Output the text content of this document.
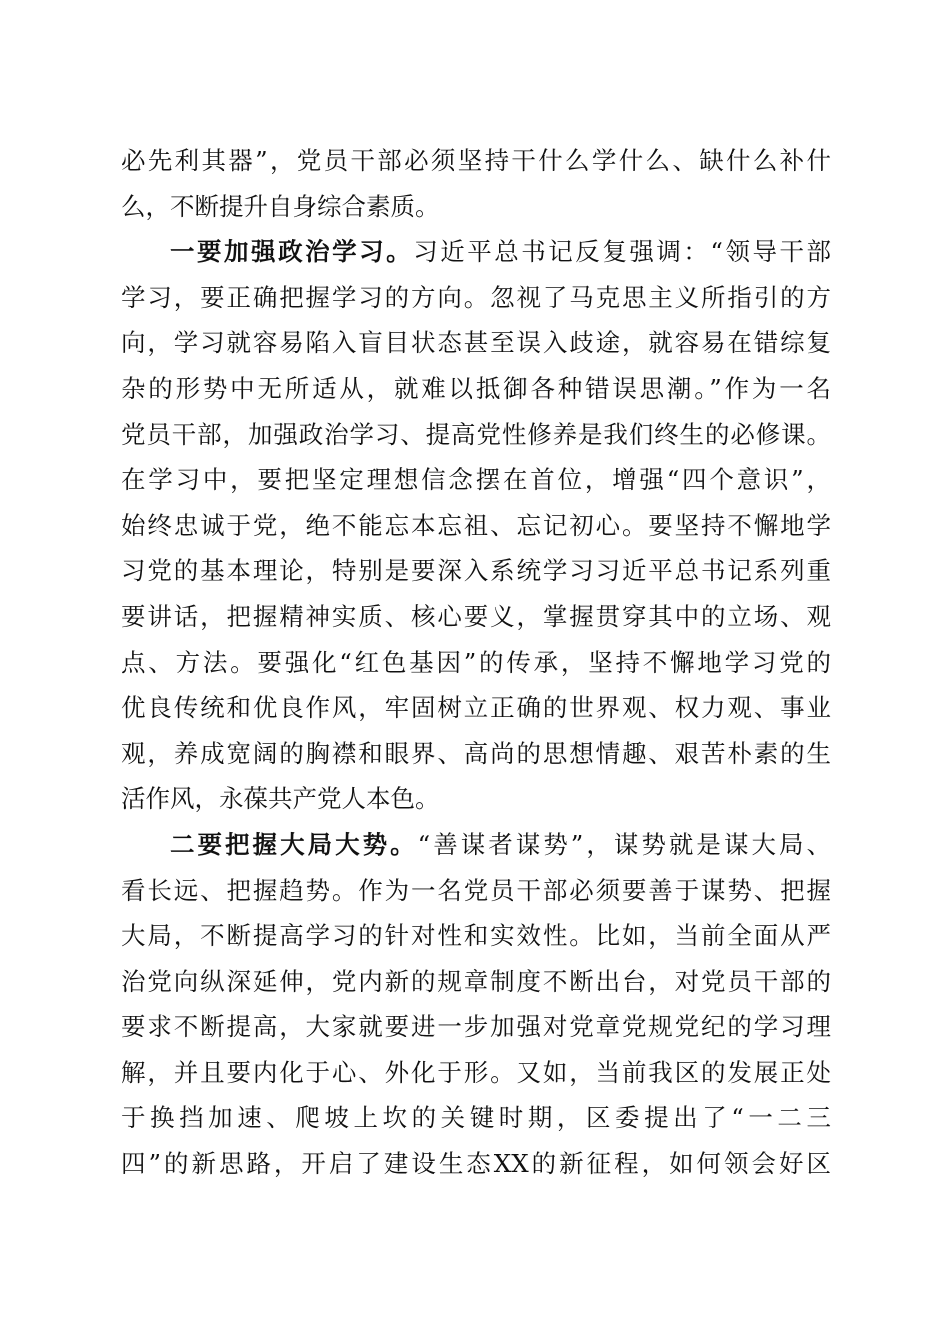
必先利其器”，党员干部必须坚持干什么学什么、缺什么补什
么，不断提升自身综合素质。
一要加强政治学习。习近平总书记反复强调：“领导干部
学习，要正确把握学习的方向。忽视了马克思主义所指引的方
向，学习就容易陷入盲目状态甚至误入歧途，就容易在错综复
杂的形势中无所适从，就难以抵御各种错误思潮。”作为一名
党员干部，加强政治学习、提高党性修养是我们终生的必修课。
在学习中，要把坚定理想信念摆在首位，增强“四个意识”，
始终忠诚于党，绝不能忘本忘祖、忘记初心。要坚持不懈地学
习党的基本理论，特别是要深入系统学习习近平总书记系列重
要讲话，把握精神实质、核心要义，掌握贯穿其中的立场、观
点、方法。要强化“红色基因”的传承，坚持不懈地学习党的
优良传统和优良作风，牢固树立正确的世界观、权力观、事业
观，养成宽阔的胸襟和眼界、高尚的思想情趣、艰苦朴素的生
活作风，永葆共产党人本色。
二要把握大局大势。“善谋者谋势”，谋势就是谋大局、
看长远、把握趋势。作为一名党员干部必须要善于谋势、把握
大局，不断提高学习的针对性和实效性。比如，当前全面从严
治党向纵深延伸，党内新的规章制度不断出台，对党员干部的
要求不断提高，大家就要进一步加强对党章党规党纪的学习理
解，并且要内化于心、外化于形。又如，当前我区的发展正处
于换挡加速、爬坡上坎的关键时期，区委提出了“一二三
四”的新思路，开启了建设生态XX的新征程，如何领会好区
